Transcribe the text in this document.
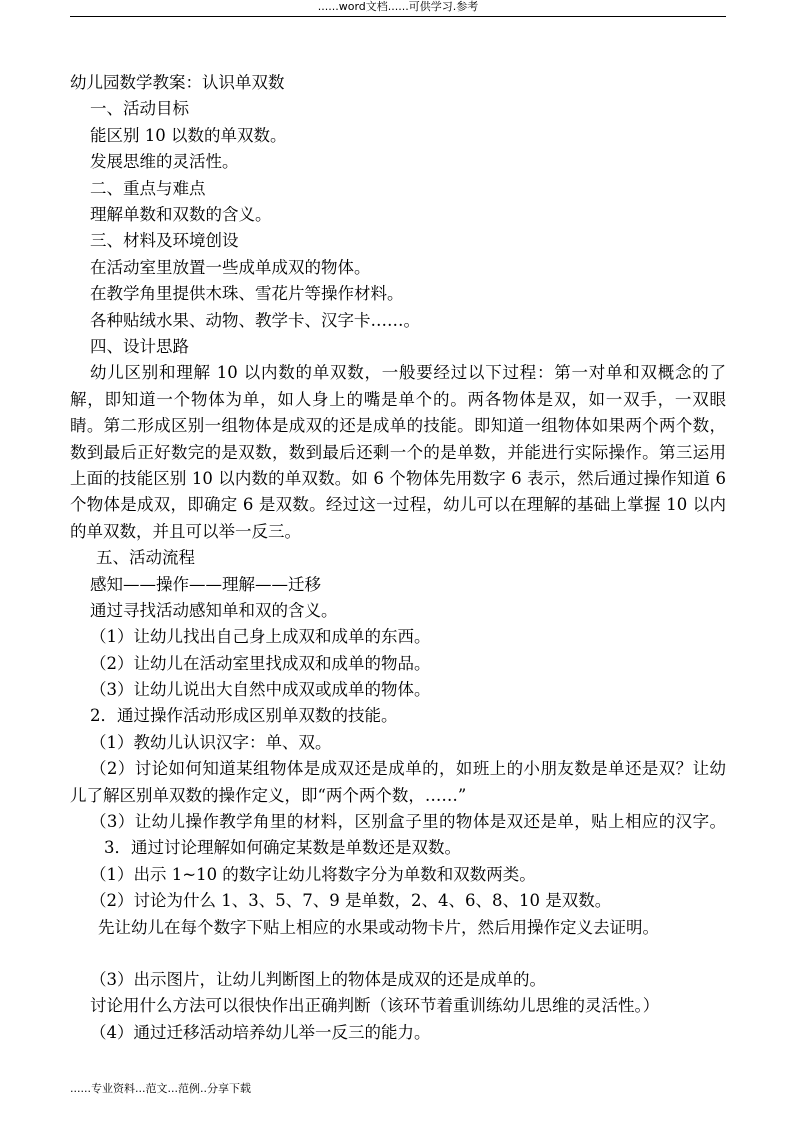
......word文档......可供学习.参考
幼儿园数学教案：认识单双数
一、活动目标
能区别 10 以数的单双数。
发展思维的灵活性。
二、重点与难点
理解单数和双数的含义。
三、材料及环境创设
在活动室里放置一些成单成双的物体。
在教学角里提供木珠、雪花片等操作材料。
各种贴绒水果、动物、教学卡、汉字卡……。
四、设计思路

幼儿区别和理解 10 以内数的单双数，一般要经过以下过程：第一对单和双概念的了解，即知道一个物体为单，如人身上的嘴是单个的。两各物体是双，如一双手，一双眼睛。第二形成区别一组物体是成双的还是成单的技能。即知道一组物体如果两个两个数，数到最后正好数完的是双数，数到最后还剩一个的是单数，并能进行实际操作。第三运用上面的技能区别 10 以内数的单双数。如 6 个物体先用数字 6 表示，然后通过操作知道 6 个物体是成双，即确定 6 是双数。经过这一过程，幼儿可以在理解的基础上掌握 10 以内的单双数，并且可以举一反三。

五、活动流程
感知——操作——理解——迁移
通过寻找活动感知单和双的含义。
（1）让幼儿找出自己身上成双和成单的东西。
（2）让幼儿在活动室里找成双和成单的物品。
（3）让幼儿说出大自然中成双或成单的物体。
2．通过操作活动形成区别单双数的技能。
（1）教幼儿认识汉字：单、双。

（2）讨论如何知道某组物体是成双还是成单的，如班上的小朋友数是单还是双？让幼儿了解区别单双数的操作定义，即“两个两个数，……”

（3）让幼儿操作教学角里的材料，区别盒子里的物体是双还是单，贴上相应的汉字。3．通过讨论理解如何确定某数是单数还是双数。

（1）出示 1~10 的数字让幼儿将数字分为单数和双数两类。
（2）讨论为什么 1、3、5、7、9 是单数，2、4、6、8、10 是双数。
先让幼儿在每个数字下贴上相应的水果或动物卡片，然后用操作定义去证明。
（3）出示图片，让幼儿判断图上的物体是成双的还是成单的。
讨论用什么方法可以很快作出正确判断（该环节着重训练幼儿思维的灵活性。）
（4）通过迁移活动培养幼儿举一反三的能力。
......专业资料...范文...范例..分享下载
